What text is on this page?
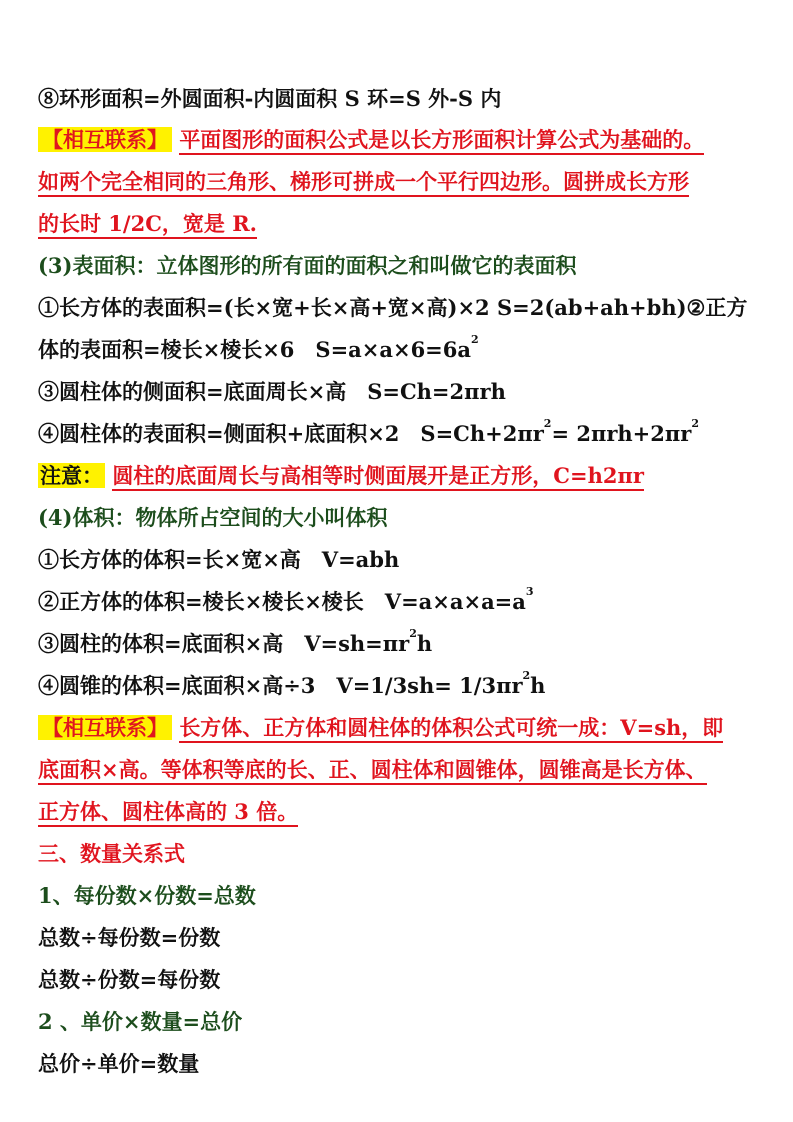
⑧环形面积=外圆面积-内圆面积 S 环=S 外-S 内
【相互联系】 平面图形的面积公式是以长方形面积计算公式为基础的。
如两个完全相同的三角形、梯形可拼成一个平行四边形。圆拼成长方形
的长时 1/2C，宽是 R.
(3)表面积：立体图形的所有面的面积之和叫做它的表面积
①长方体的表面积=(长×宽+长×高+宽×高)×2 S=2(ab+ah+bh)②正方
体的表面积=棱长×棱长×6　$S=a\times a\times 6=6a^2$
③圆柱体的侧面积=底面周长×高　S=Ch=2πrh
④圆柱体的表面积=侧面积+底面积×2　$S=Ch+2\pi r^2= 2\pi rh+2\pi r^2$
注意： 圆柱的底面周长与高相等时侧面展开是正方形，C=h2πr
(4)体积：物体所占空间的大小叫体积
①长方体的体积=长×宽×高　V=abh
②正方体的体积=棱长×棱长×棱长　$V=a\times a\times a=a^3$
③圆柱的体积=底面积×高　$V=sh=\pi r^2h$
④圆锥的体积=底面积×高÷3　$V=1/3sh= 1/3\pi r^2h$
【相互联系】 长方体、正方体和圆柱体的体积公式可统一成：V=sh，即
底面积×高。等体积等底的长、正、圆柱体和圆锥体，圆锥高是长方体、
正方体、圆柱体高的 3 倍。
三、数量关系式
1、每份数×份数=总数
总数÷每份数=份数
总数÷份数=每份数
2 、单价×数量=总价
总价÷单价=数量
